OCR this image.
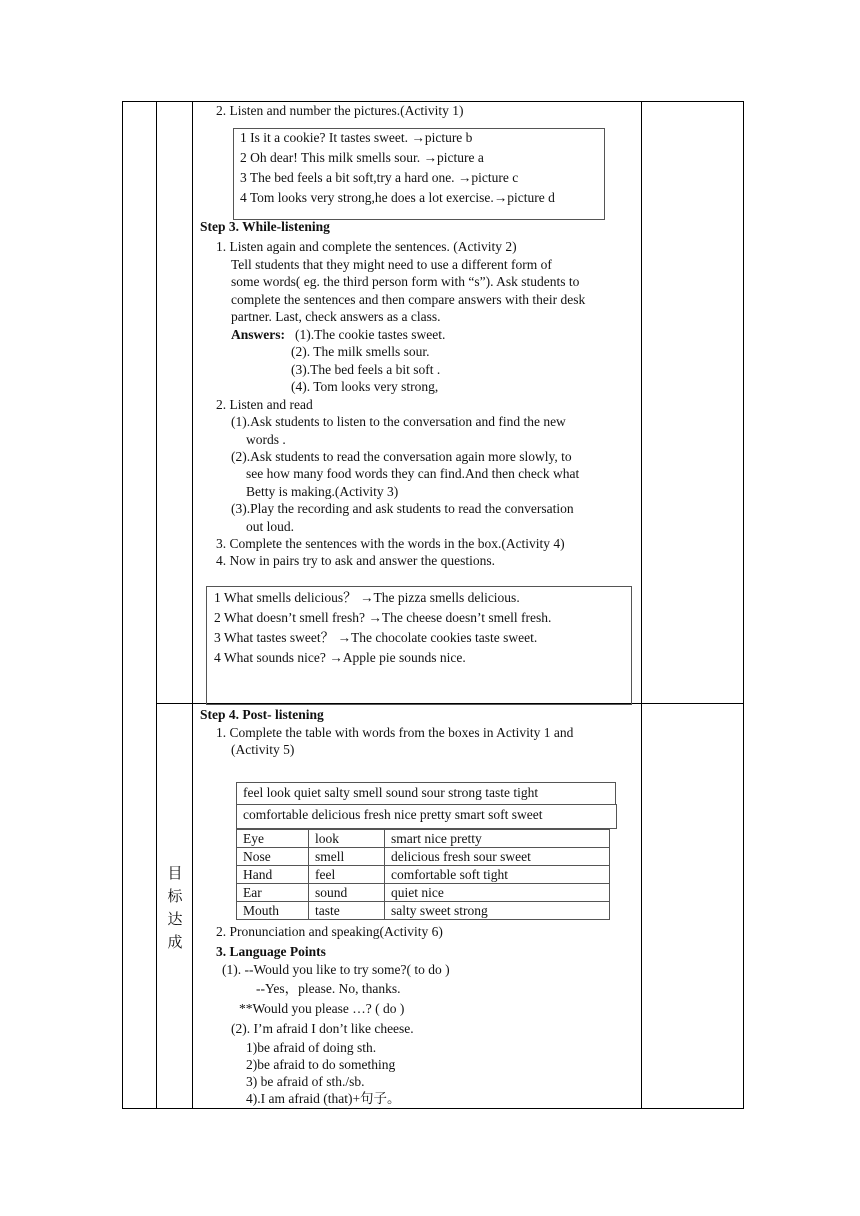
目
标
达
成
2. Listen and number the pictures.(Activity 1)
1 Is it a cookie? It tastes sweet. →picture b
2 Oh dear! This milk smells sour. →picture a
3 The bed feels a bit soft,try a hard one. →picture c
4 Tom looks very strong,he does a lot exercise.→picture d
Step 3. While-listening
1. Listen again and complete the sentences. (Activity 2)
Tell students that they might need to use a different form of
some words( eg. the third person form with “s”). Ask students to
complete the sentences and then compare answers with their desk
partner. Last, check answers as a class.
Answers: (1).The cookie tastes sweet.
(2). The milk smells sour.
(3).The bed feels a bit soft .
(4). Tom looks very strong,
2. Listen and read
(1).Ask students to listen to the conversation and find the new
words .
(2).Ask students to read the conversation again more slowly, to
see how many food words they can find.And then check what
Betty is making.(Activity 3)
(3).Play the recording and ask students to read the conversation
out loud.
3. Complete the sentences with the words in the box.(Activity 4)
4. Now in pairs try to ask and answer the questions.
1 What smells delicious？ →The pizza smells delicious.
2 What doesn’t smell fresh? →The cheese doesn’t smell fresh.
3 What tastes sweet？ →The chocolate cookies taste sweet.
4 What sounds nice? →Apple pie sounds nice.
Step 4. Post- listening
1. Complete the table with words from the boxes in Activity 1 and
(Activity 5)
feel look quiet salty smell sound sour strong taste tight
comfortable delicious fresh nice pretty smart soft sweet
Eye	look	smart nice pretty
Nose	smell	delicious fresh sour sweet
Hand	feel	comfortable soft tight
Ear	sound	quiet nice
Mouth	taste	salty sweet strong
2. Pronunciation and speaking(Activity 6)
3. Language Points
(1). --Would you like to try some?( to do )
--Yes，please. No, thanks.
**Would you please …? ( do )
(2). I’m afraid I don’t like cheese.
1)be afraid of doing sth.
2)be afraid to do something
3) be afraid of sth./sb.
4).I am afraid (that)+句子。
